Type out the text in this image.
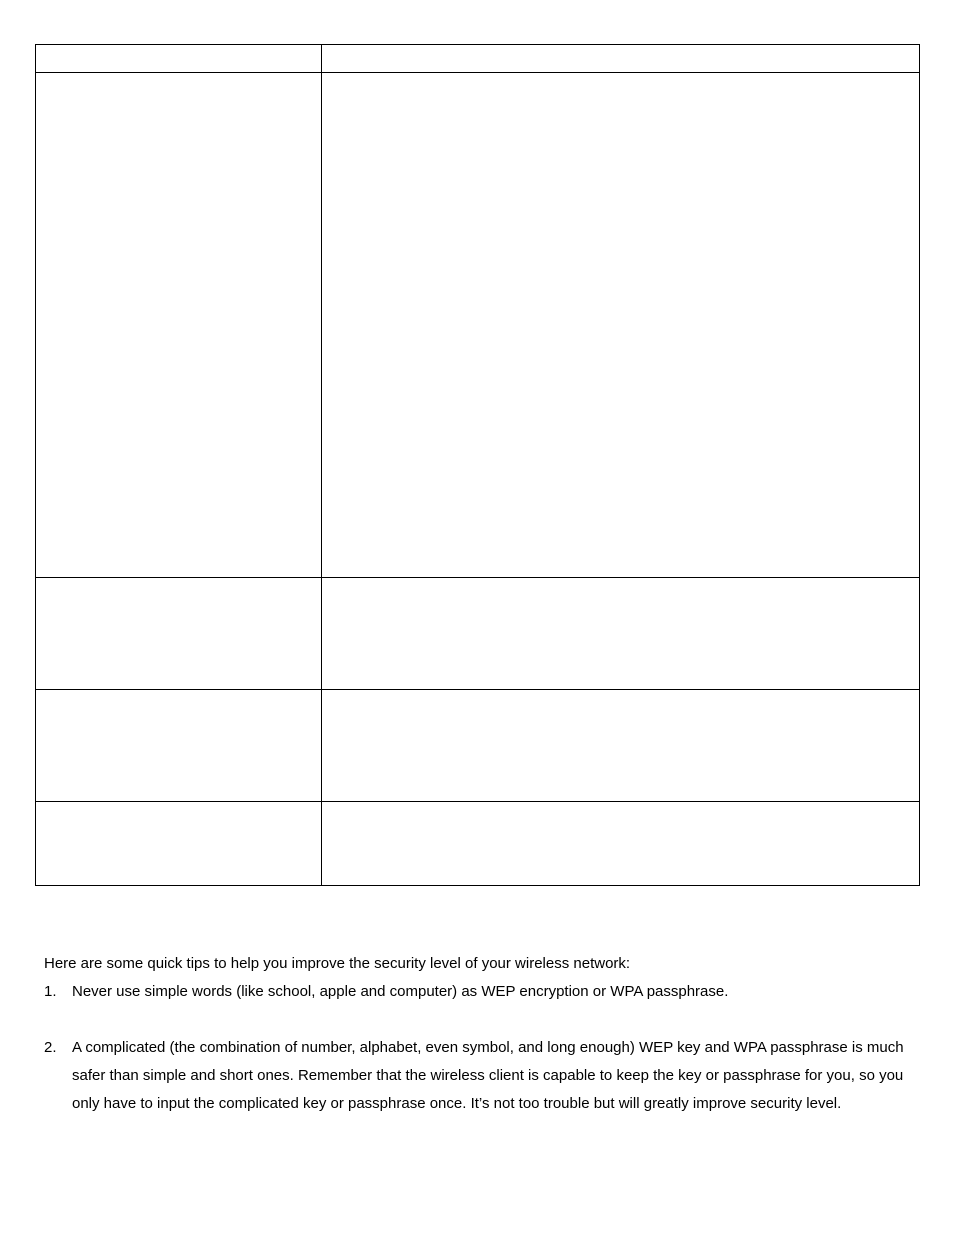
Here are some quick tips to help you improve the security level of your wireless network:

1. Never use simple words (like school, apple and computer) as WEP encryption or WPA passphrase.
2. A complicated (the combination of number, alphabet, even symbol, and long enough) WEP key and WPA passphrase is much safer than simple and short ones. Remember that the wireless client is capable to keep the key or passphrase for you, so you only have to input the complicated key or passphrase once. It’s not too trouble but will greatly improve security level.
